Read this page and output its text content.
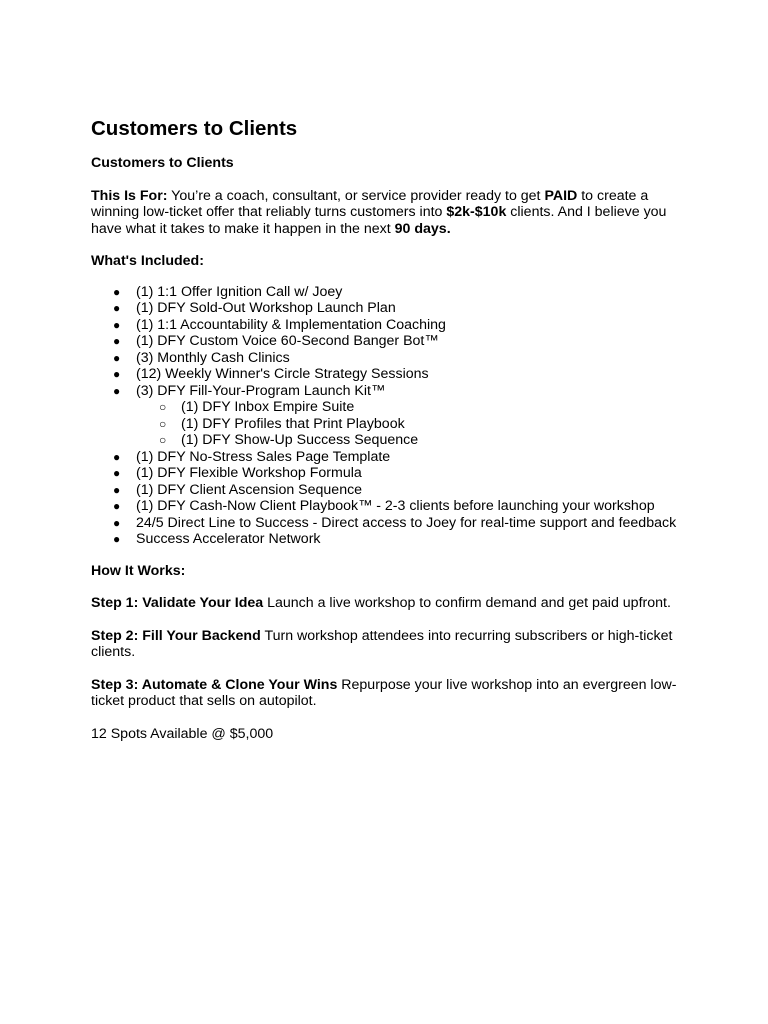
Customers to Clients
Customers to Clients
This Is For: You’re a coach, consultant, or service provider ready to get PAID to create a winning low-ticket offer that reliably turns customers into $2k-$10k clients. And I believe you have what it takes to make it happen in the next 90 days.
What's Included:
● (1) 1:1 Offer Ignition Call w/ Joey
● (1) DFY Sold-Out Workshop Launch Plan
● (1) 1:1 Accountability & Implementation Coaching
● (1) DFY Custom Voice 60-Second Banger Bot™
● (3) Monthly Cash Clinics
● (12) Weekly Winner's Circle Strategy Sessions
● (3) DFY Fill-Your-Program Launch Kit™
○ (1) DFY Inbox Empire Suite
○ (1) DFY Profiles that Print Playbook
○ (1) DFY Show-Up Success Sequence
● (1) DFY No-Stress Sales Page Template
● (1) DFY Flexible Workshop Formula
● (1) DFY Client Ascension Sequence
● (1) DFY Cash-Now Client Playbook™ - 2-3 clients before launching your workshop
● 24/5 Direct Line to Success - Direct access to Joey for real-time support and feedback
● Success Accelerator Network
How It Works:
Step 1: Validate Your Idea Launch a live workshop to confirm demand and get paid upfront.
Step 2: Fill Your Backend Turn workshop attendees into recurring subscribers or high-ticket clients.
Step 3: Automate & Clone Your Wins Repurpose your live workshop into an evergreen low-ticket product that sells on autopilot.
12 Spots Available @ $5,000
